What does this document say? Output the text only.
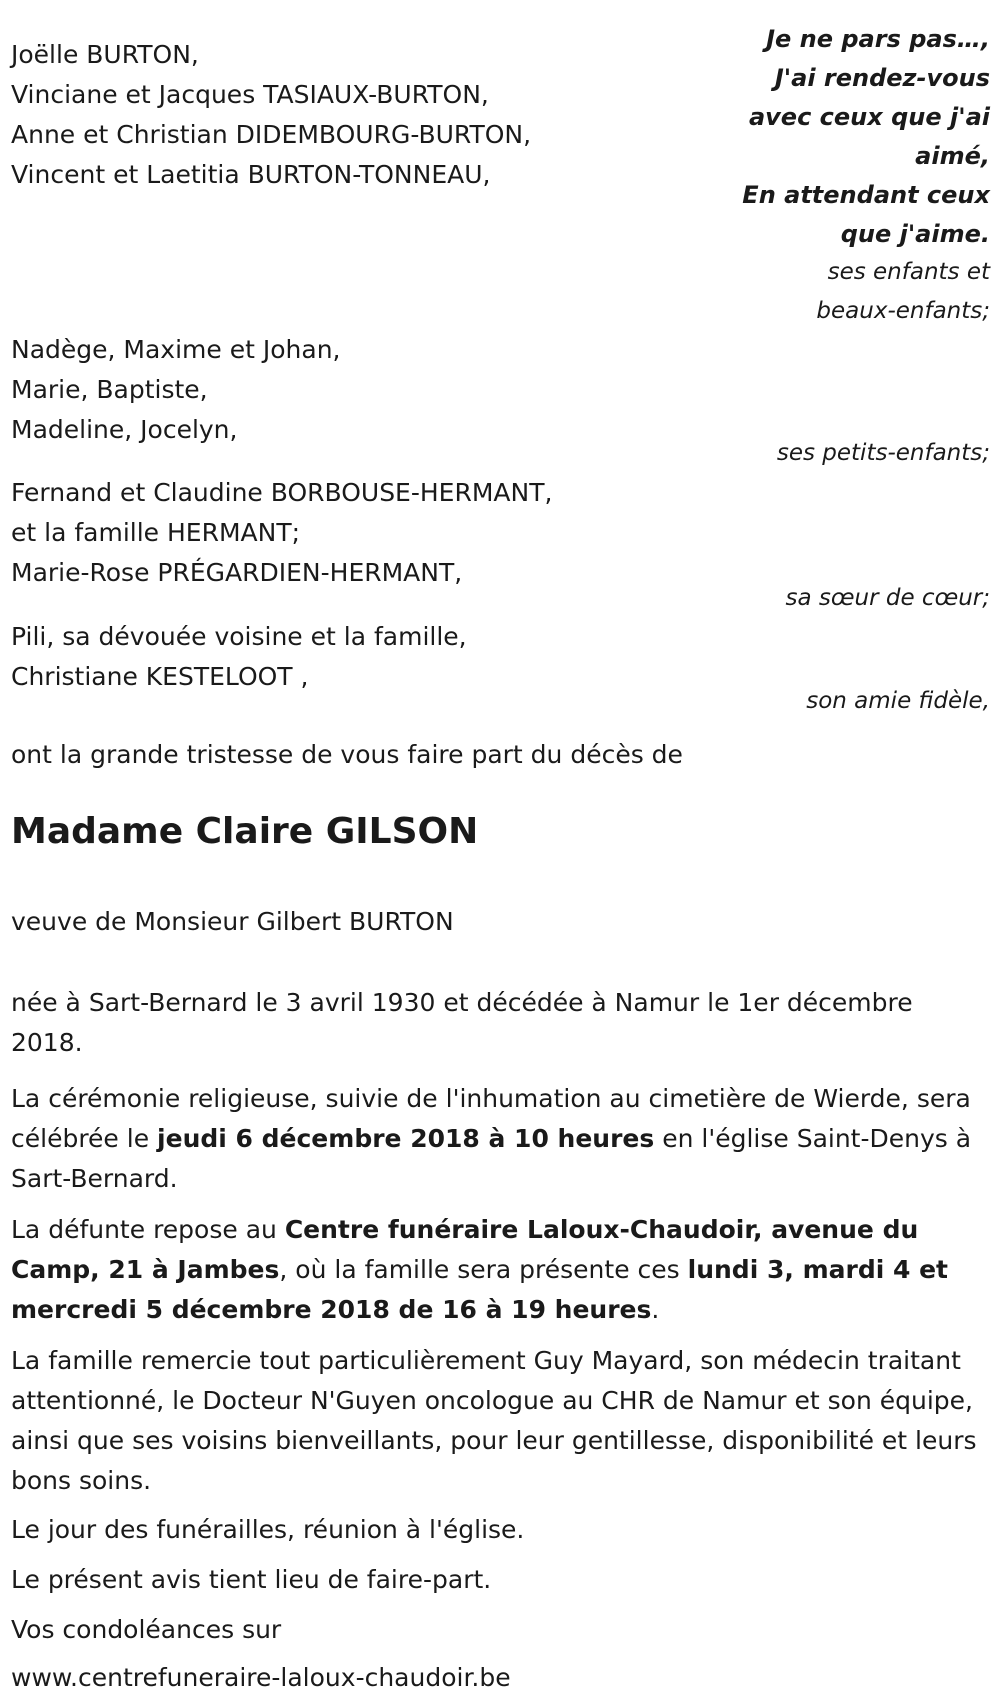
Joëlle BURTON,
Vinciane et Jacques TASIAUX-BURTON,
Anne et Christian DIDEMBOURG-BURTON,
Vincent et Laetitia BURTON-TONNEAU,
Je ne pars pas…,
J'ai rendez-vous
avec ceux que j'ai
aimé,
En attendant ceux
que j'aime.
ses enfants et
beaux-enfants;
Nadège, Maxime et Johan,
Marie, Baptiste,
Madeline, Jocelyn,
ses petits-enfants;
Fernand et Claudine BORBOUSE-HERMANT,
et la famille HERMANT;
Marie-Rose PRÉGARDIEN-HERMANT,
sa sœur de cœur;
Pili, sa dévouée voisine et la famille,
Christiane KESTELOOT ,
son amie fidèle,
ont la grande tristesse de vous faire part du décès de
Madame Claire GILSON
veuve de Monsieur Gilbert BURTON

née à Sart-Bernard le 3 avril 1930 et décédée à Namur le 1er décembre 2018.

La cérémonie religieuse, suivie de l'inhumation au cimetière de Wierde, sera célébrée le jeudi 6 décembre 2018 à 10 heures en l'église Saint-Denys à Sart-Bernard.

La défunte repose au Centre funéraire Laloux-Chaudoir, avenue du Camp, 21 à Jambes, où la famille sera présente ces lundi 3, mardi 4 et mercredi 5 décembre 2018 de 16 à 19 heures.

La famille remercie tout particulièrement Guy Mayard, son médecin traitant attentionné, le Docteur N'Guyen oncologue au CHR de Namur et son équipe, ainsi que ses voisins bienveillants, pour leur gentillesse, disponibilité et leurs bons soins.

Le jour des funérailles, réunion à l'église.

Le présent avis tient lieu de faire-part.

Vos condoléances sur

www.centrefuneraire-laloux-chaudoir.be
